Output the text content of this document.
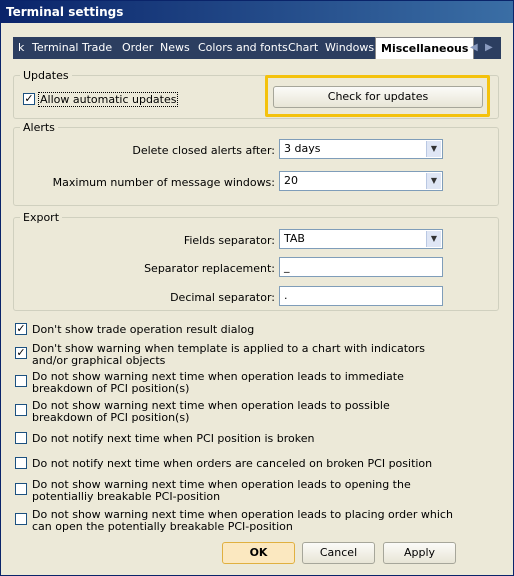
Terminal settings
k Terminal Trade Order News Colors and fonts Chart Windows Miscellaneous ◀ ▶
Updates
✓ Allow automatic updates	Check for updates
Alerts
Delete closed alerts after: 3 days	▼
Maximum number of message windows: 20	▼
Export
Fields separator: TAB	▼
Separator replacement: _
Decimal separator: .
✓ Don't show trade operation result dialog
✓ Don't show warning when template is applied to a chart with indicators and/or graphical objects
Do not show warning next time when operation leads to immediate breakdown of PCI position(s)
Do not show warning next time when operation leads to possible breakdown of PCI position(s)
Do not notify next time when PCI position is broken
Do not notify next time when orders are canceled on broken PCI position
Do not show warning next time when operation leads to opening the potentialliy breakable PCI-position
Do not show warning next time when operation leads to placing order which can open the potentially breakable PCI-position
OK	Cancel	Apply
